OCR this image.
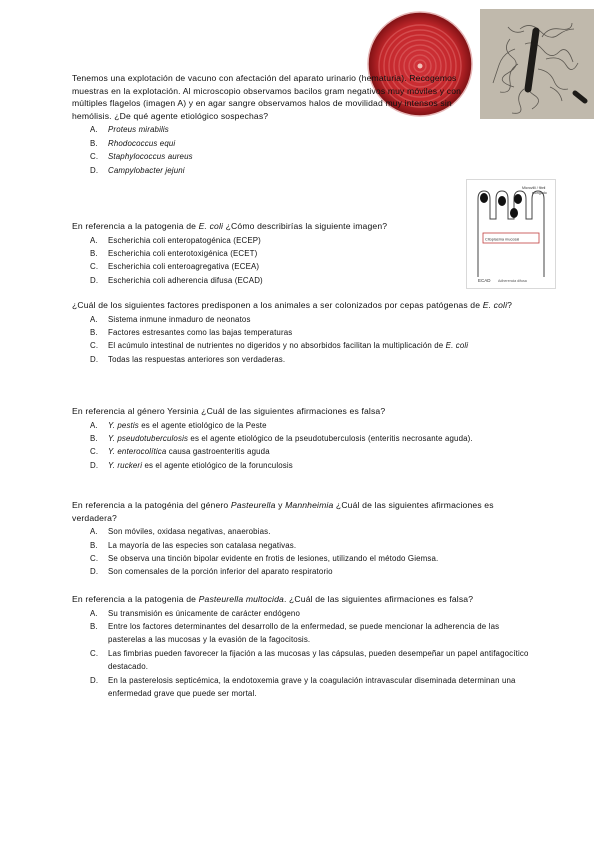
Citoplasma mucosal
Microvilli / fibril
elongado
ECAD Adherencia difusa

Tenemos una explotación de vacuno con afectación del aparato urinario (hematuria). Recogemos muestras en la explotación. Al microscopio observamos bacilos gram negativos muy móviles y con múltiples flagelos (imagen A) y en agar sangre observamos halos de movilidad muy intensos sin hemólisis. ¿De qué agente etiológico sospechas?

A.	Proteus mirabilis
B.	Rhodococcus equi
C.	Staphylococcus aureus
D.	Campylobacter jejuni

En referencia a la patogenia de E. coli ¿Cómo describirías la siguiente imagen?

A.	Escherichia coli enteropatogénica (ECEP)
B.	Escherichia coli enterotoxigénica (ECET)
C.	Escherichia coli enteroagregativa (ECEA)
D.	Escherichia coli adherencia difusa (ECAD)

¿Cuál de los siguientes factores predisponen a los animales a ser colonizados por cepas patógenas de E. coli?

A.	Sistema inmune inmaduro de neonatos
B.	Factores estresantes como las bajas temperaturas
C.	El acúmulo intestinal de nutrientes no digeridos y no absorbidos facilitan la multiplicación de E. coli
D.	Todas las respuestas anteriores son verdaderas.

En referencia al género Yersinia ¿Cuál de las siguientes afirmaciones es falsa?

A.	Y. pestis es el agente etiológico de la Peste
B.	Y. pseudotuberculosis es el agente etiológico de la pseudotuberculosis (enteritis necrosante aguda).
C.	Y. enterocolítica causa gastroenteritis aguda
D.	Y. ruckeri es el agente etiológico de la forunculosis

En referencia a la patogénia del género Pasteurella y Mannheimia ¿Cuál de las siguientes afirmaciones es verdadera?

A.	Son móviles, oxidasa negativas, anaerobias.
B.	La mayoría de las especies son catalasa negativas.
C.	Se observa una tinción bipolar evidente en frotis de lesiones, utilizando el método Giemsa.
D.	Son comensales de la porción inferior del aparato respiratorio

En referencia a la patogenia de Pasteurella multocida. ¿Cuál de las siguientes afirmaciones es falsa?

A.	Su transmisión es únicamente de carácter endógeno
B.	Entre los factores determinantes del desarrollo de la enfermedad, se puede mencionar la adherencia de las pasterelas a las mucosas y la evasión de la fagocitosis.
C.	Las fimbrias pueden favorecer la fijación a las mucosas y las cápsulas, pueden desempeñar un papel antifagocítico destacado.
D.	En la pasterelosis septicémica, la endotoxemia grave y la coagulación intravascular diseminada determinan una enfermedad grave que puede ser mortal.
